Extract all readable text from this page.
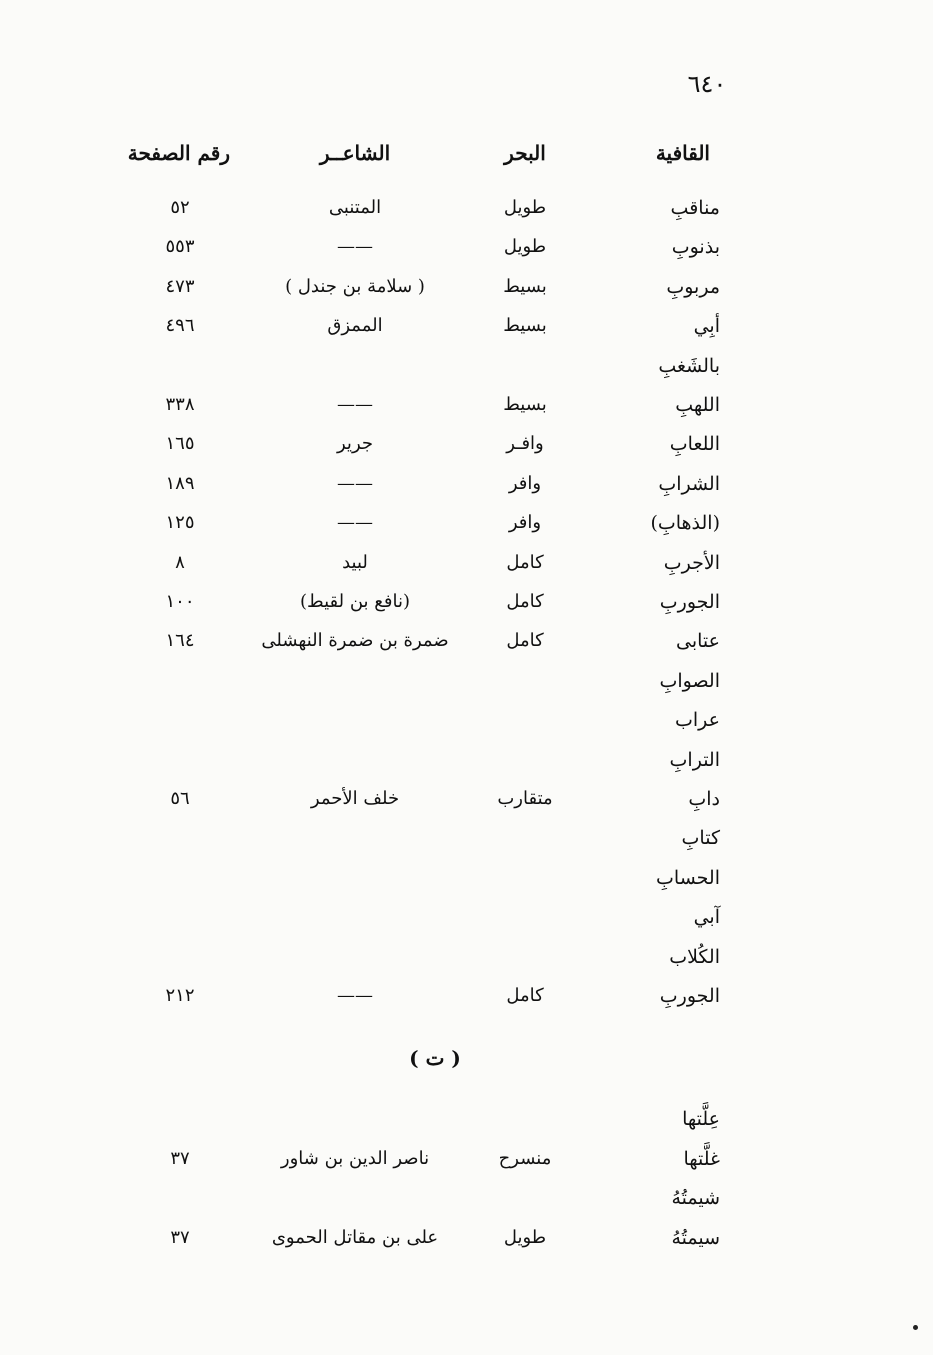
٦٤٠
القافية
البحر
الشاعــر
رقم الصفحة
مناقبِ
طويل
المتنبى
٥٢
بذنوبِ
طويل
——
٥٥٣
مربوبِ
بسيط
( سلامة بن جندل )
٤٧٣
أبِي
بسيط
الممزق
٤٩٦
بالشَغبِ
اللهبِ
بسيط
——
٣٣٨
اللعابِ
وافـر
جرير
١٦٥
الشرابِ
وافر
——
١٨٩
(الذهابِ)
وافر
——
١٢٥
الأجربِ
كامل
لبيد
٨
الجوربِ
كامل
(نافع بن لقيط)
١٠٠
عتابى
كامل
ضمرة بن ضمرة النهشلى
١٦٤
الصوابِ
عراب
الترابِ
دابِ
متقارب
خلف الأحمر
٥٦
كتابِ
الحسابِ
آبي
الكُلاب
الجوربِ
كامل
——
٢١٢
( ت )
عِلَّتها
غلَّتها
منسرح
ناصر الدين بن شاور
٣٧
شيمتُهُ
سيمتُهُ
طويل
على بن مقاتل الحموى
٣٧
